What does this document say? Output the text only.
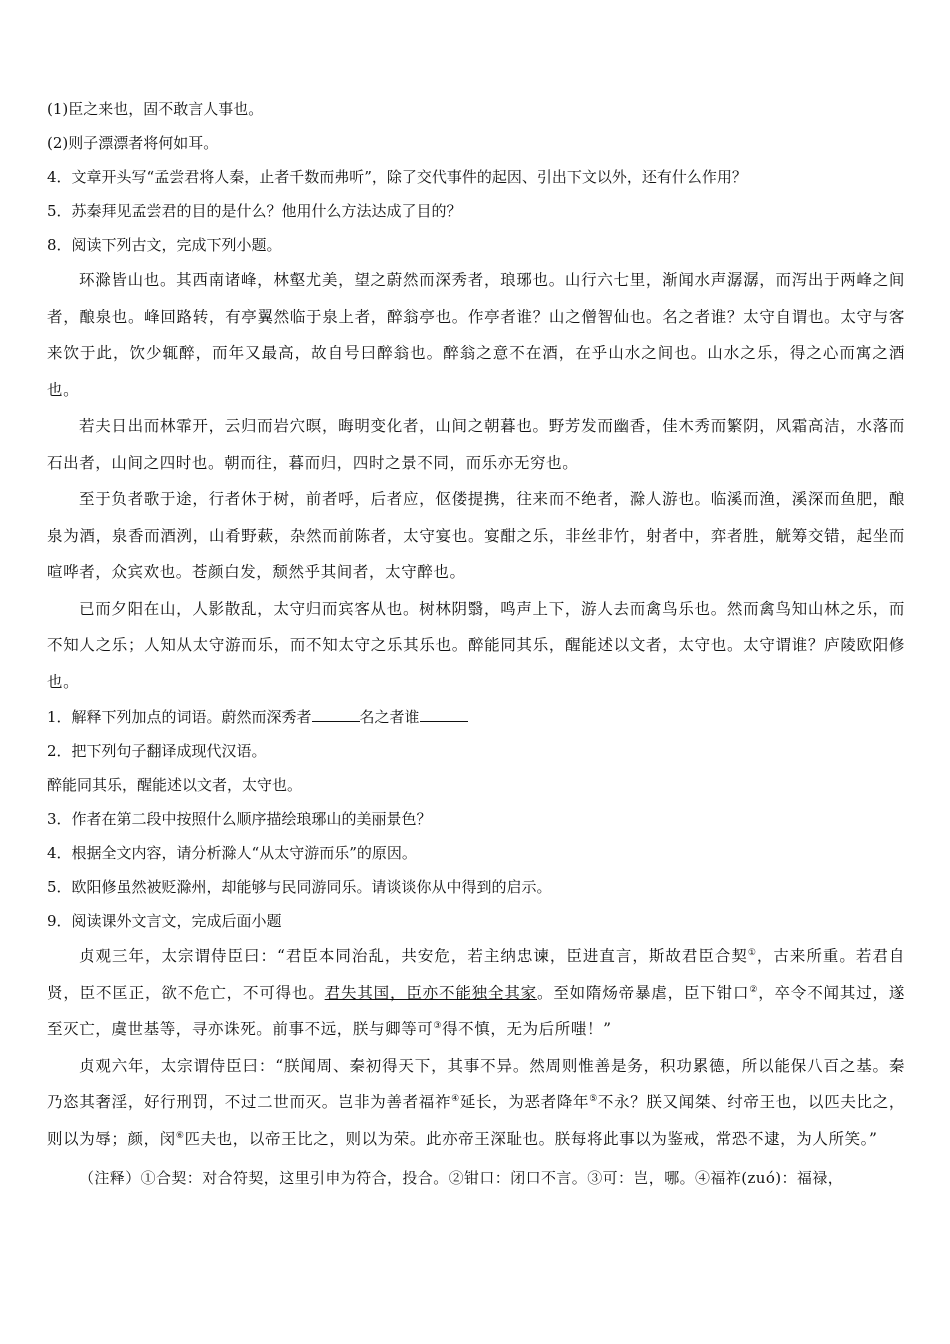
(1)臣之来也，固不敢言人事也。

(2)则子漂漂者将何如耳。

4．文章开头写“孟尝君将人秦，止者千数而弗听”，除了交代事件的起因、引出下文以外，还有什么作用？

5．苏秦拜见孟尝君的目的是什么？他用什么方法达成了目的？

8．阅读下列古文，完成下列小题。

环滁皆山也。其西南诸峰，林壑尤美，望之蔚然而深秀者，琅琊也。山行六七里，渐闻水声潺潺，而泻出于两峰之间者，酿泉也。峰回路转，有亭翼然临于泉上者，醉翁亭也。作亭者谁？山之僧智仙也。名之者谁？太守自谓也。太守与客来饮于此，饮少辄醉，而年又最高，故自号曰醉翁也。醉翁之意不在酒，在乎山水之间也。山水之乐，得之心而寓之酒也。

若夫日出而林霏开，云归而岩穴暝，晦明变化者，山间之朝暮也。野芳发而幽香，佳木秀而繁阴，风霜高洁，水落而石出者，山间之四时也。朝而往，暮而归，四时之景不同，而乐亦无穷也。

至于负者歌于途，行者休于树，前者呼，后者应，伛偻提携，往来而不绝者，滁人游也。临溪而渔，溪深而鱼肥，酿泉为酒，泉香而酒洌，山肴野蔌，杂然而前陈者，太守宴也。宴酣之乐，非丝非竹，射者中，弈者胜，觥筹交错，起坐而喧哗者，众宾欢也。苍颜白发，颓然乎其间者，太守醉也。

已而夕阳在山，人影散乱，太守归而宾客从也。树林阴翳，鸣声上下，游人去而禽鸟乐也。然而禽鸟知山林之乐，而不知人之乐；人知从太守游而乐，而不知太守之乐其乐也。醉能同其乐，醒能述以文者，太守也。太守谓谁？庐陵欧阳修也。

1．解释下列加点的词语。蔚然而深秀者	名之者谁

2．把下列句子翻译成现代汉语。

醉能同其乐，醒能述以文者，太守也。

3．作者在第二段中按照什么顺序描绘琅琊山的美丽景色？

4．根据全文内容，请分析滁人“从太守游而乐”的原因。

5．欧阳修虽然被贬滁州，却能够与民同游同乐。请谈谈你从中得到的启示。

9．阅读课外文言文，完成后面小题

贞观三年，太宗谓侍臣曰：“君臣本同治乱，共安危，若主纳忠谏，臣进直言，斯故君臣合契①，古来所重。若君自贤，臣不匡正，欲不危亡，不可得也。君失其国，臣亦不能独全其家。至如隋炀帝暴虐，臣下钳口②，卒令不闻其过，遂至灭亡，虞世基等，寻亦诛死。前事不远，朕与卿等可③得不慎，无为后所嗤！”

贞观六年，太宗谓侍臣曰：“朕闻周、秦初得天下，其事不异。然周则惟善是务，积功累德，所以能保八百之基。秦乃恣其奢淫，好行刑罚，不过二世而灭。岂非为善者福祚④延长，为恶者降年⑤不永？朕又闻桀、纣帝王也，以匹夫比之，则以为辱；颜，闵⑥匹夫也，以帝王比之，则以为荣。此亦帝王深耻也。朕每将此事以为鉴戒，常恐不逮，为人所笑。”

（注释）①合契：对合符契，这里引申为符合，投合。②钳口：闭口不言。③可：岂，哪。④福祚(zuó)：福禄，
